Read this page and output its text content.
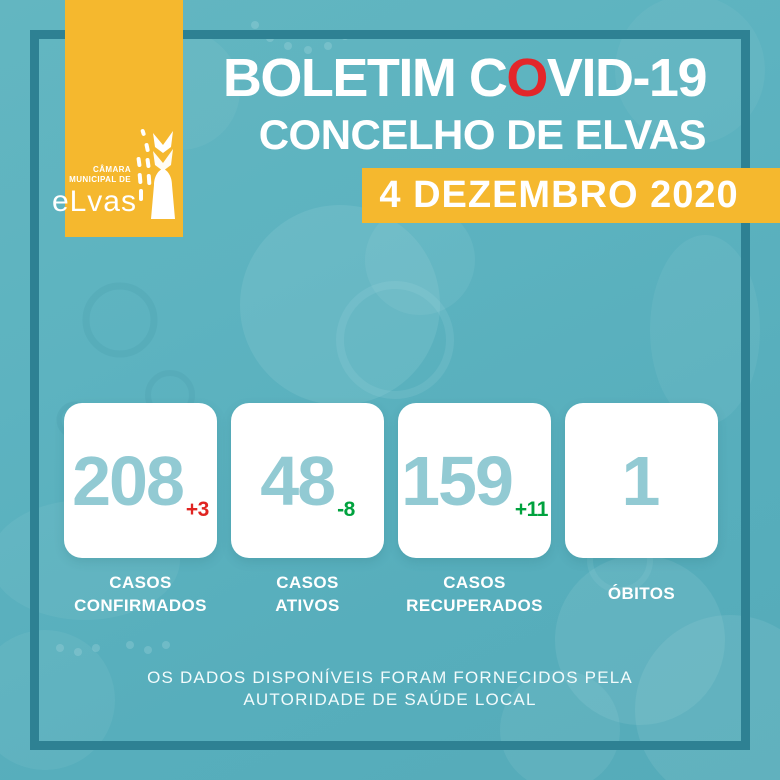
CÂMARA
MUNICIPAL DE
eLvas
BOLETIM COVID-19
CONCELHO DE ELVAS
4 DEZEMBRO 2020
208 +3
CASOS
CONFIRMADOS
48 -8
CASOS
ATIVOS
159 +11
CASOS
RECUPERADOS
1
ÓBITOS
OS DADOS DISPONÍVEIS FORAM FORNECIDOS PELA
AUTORIDADE DE SAÚDE LOCAL
